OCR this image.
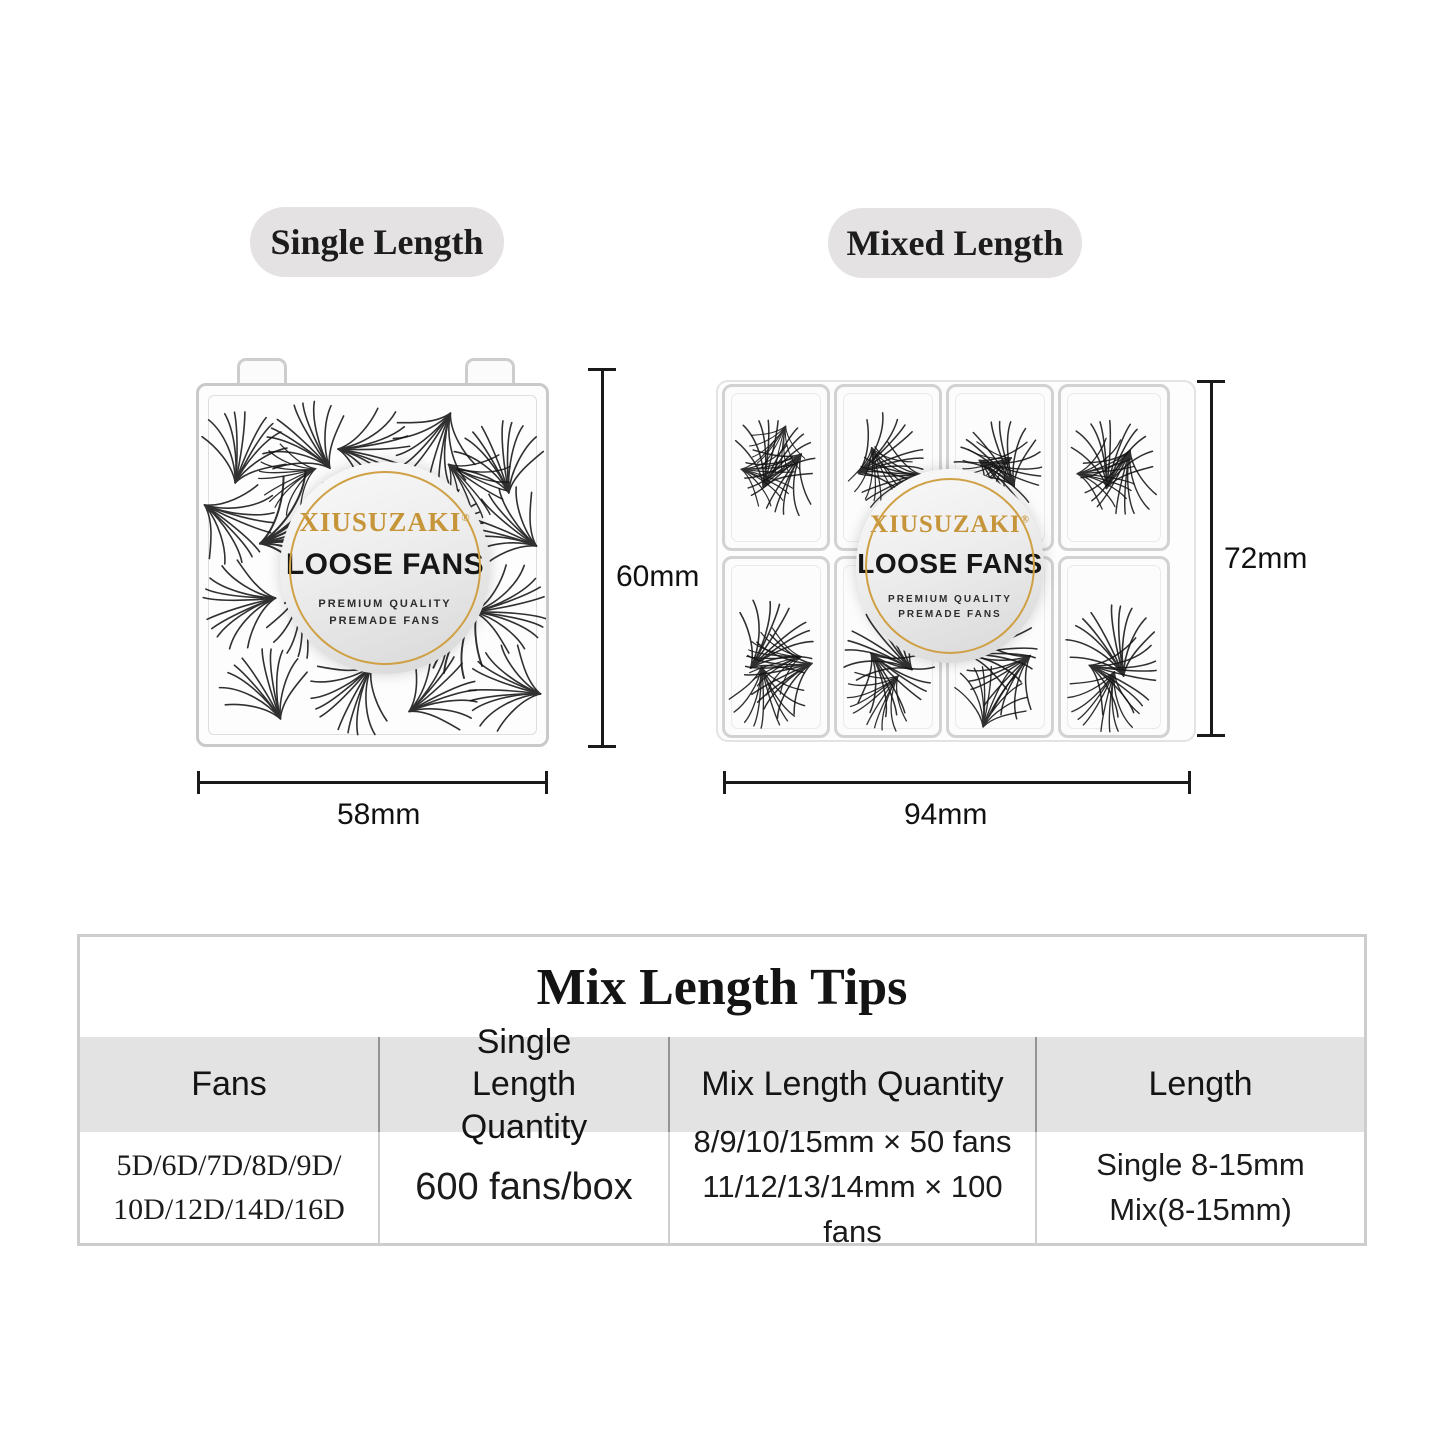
Single Length	Mixed Length
XIUSUZAKI®
LOOSE FANS
PREMIUM QUALITY
PREMADE FANS
XIUSUZAKI®
LOOSE FANS
PREMIUM QUALITY
PREMADE FANS
60mm
58mm
72mm
94mm
Mix Length Tips
Fans
Single Length Quantity
Mix Length Quantity	Length
5D/6D/7D/8D/9D/
10D/12D/14D/16D
600 fans/box
8/9/10/15mm × 50 fans
11/12/13/14mm × 100 fans
Single 8-15mm
Mix(8-15mm)
